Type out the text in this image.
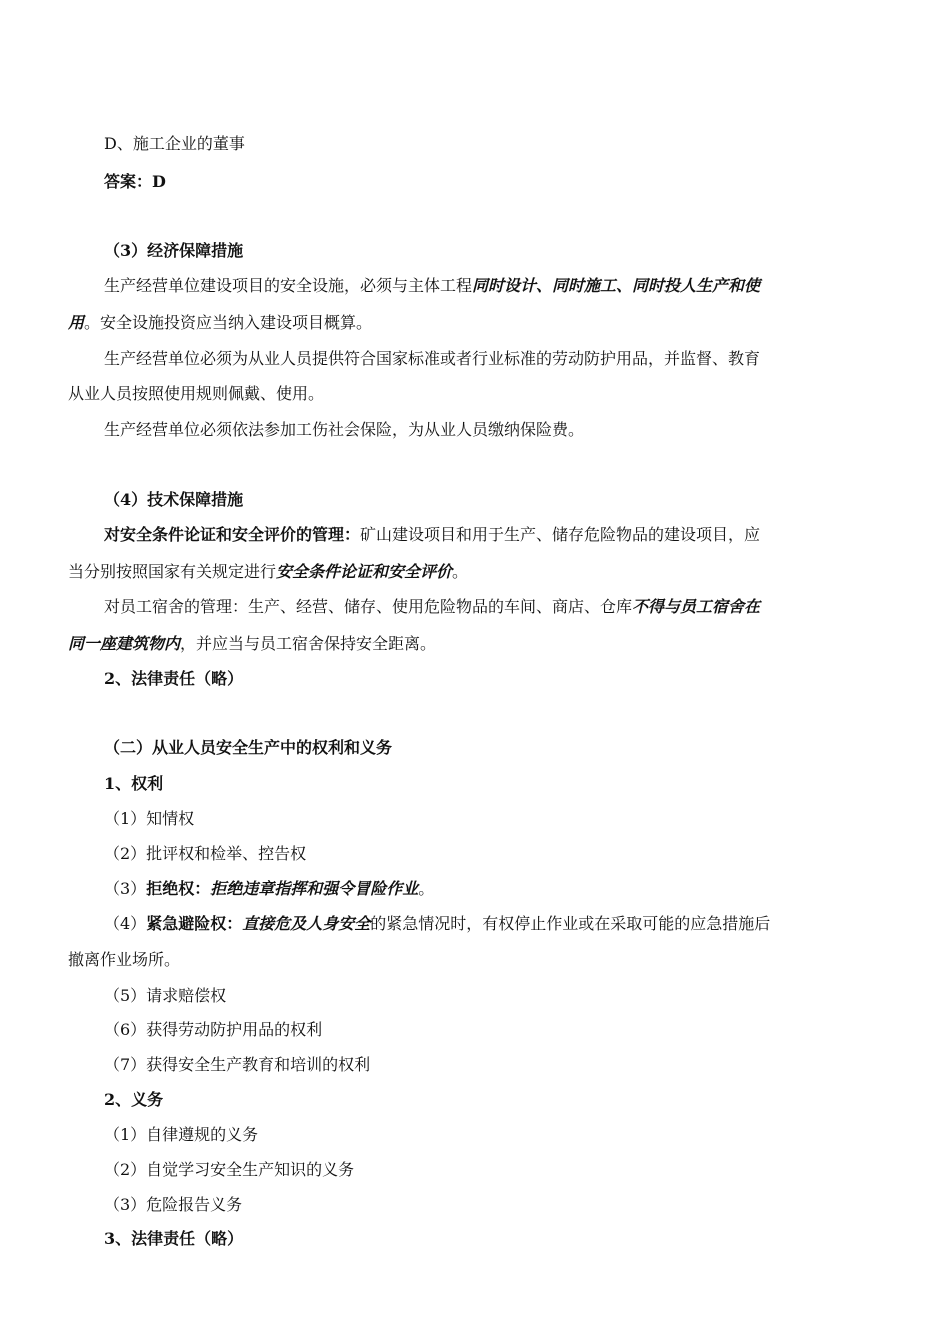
D、施工企业的董事
答案：D
（3）经济保障措施
生产经营单位建设项目的安全设施，必须与主体工程同时设计、同时施工、同时投人生产和使
用。安全设施投资应当纳入建设项目概算。
生产经营单位必须为从业人员提供符合国家标准或者行业标准的劳动防护用品，并监督、教育
从业人员按照使用规则佩戴、使用。
生产经营单位必须依法参加工伤社会保险，为从业人员缴纳保险费。
（4）技术保障措施
对安全条件论证和安全评价的管理：矿山建设项目和用于生产、储存危险物品的建设项目，应
当分别按照国家有关规定进行安全条件论证和安全评价。
对员工宿舍的管理：生产、经营、储存、使用危险物品的车间、商店、仓库不得与员工宿舍在
同一座建筑物内，并应当与员工宿舍保持安全距离。
2、法律责任（略）
（二）从业人员安全生产中的权利和义务
1、权利
（1）知情权
（2）批评权和检举、控告权
（3）拒绝权：拒绝违章指挥和强令冒险作业。
（4）紧急避险权：直接危及人身安全的紧急情况时，有权停止作业或在采取可能的应急措施后
撤离作业场所。
（5）请求赔偿权
（6）获得劳动防护用品的权利
（7）获得安全生产教育和培训的权利
2、义务
（1）自律遵规的义务
（2）自觉学习安全生产知识的义务
（3）危险报告义务
3、法律责任（略）
